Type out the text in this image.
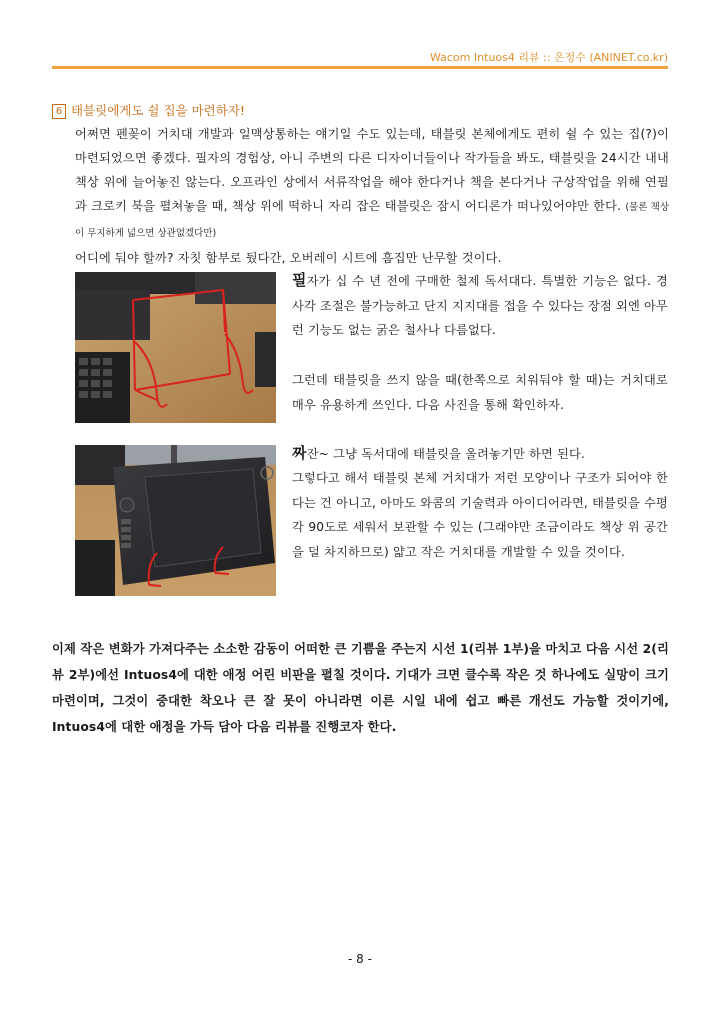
Wacom Intuos4 리뷰 :: 은정수 (ANINET.co.kr)
6 태블릿에게도 쉴 집을 마련하자!
어쩌면 펜꽂이 거치대 개발과 일맥상통하는 얘기일 수도 있는데, 태블릿 본체에게도 편히 쉴 수 있는 집(?)이 마련되었으면 좋겠다. 필자의 경험상, 아니 주변의 다른 디자이너들이나 작가들을 봐도, 태블릿을 24시간 내내 책상 위에 늘어놓진 않는다. 오프라인 상에서 서류작업을 해야 한다거나 책을 본다거나 구상작업을 위해 연필과 크로키 북을 펼쳐놓을 때, 책상 위에 떡하니 자리 잡은 태블릿은 잠시 어디론가 떠나있어야만 한다. (물론 책상이 무지하게 넓으면 상관없겠다만)
어디에 둬야 할까? 자칫 함부로 뒀다간, 오버레이 시트에 흠집만 난무할 것이다.
필자가 십 수 년 전에 구매한 철제 독서대다. 특별한 기능은 없다. 경사각 조절은 불가능하고 단지 지지대를 접을 수 있다는 장점 외엔 아무런 기능도 없는 굵은 철사나 다름없다.
그런데 태블릿을 쓰지 않을 때(한쪽으로 치워둬야 할 때)는 거치대로 매우 유용하게 쓰인다. 다음 사진을 통해 확인하자.
짜잔~ 그냥 독서대에 태블릿을 올려놓기만 하면 된다.
그렇다고 해서 태블릿 본체 거치대가 저런 모양이나 구조가 되어야 한다는 건 아니고, 아마도 와콤의 기술력과 아이디어라면, 태블릿을 수평각 90도로 세워서 보관할 수 있는 (그래야만 조금이라도 책상 위 공간을 덜 차지하므로) 얇고 작은 거치대를 개발할 수 있을 것이다.
이제 작은 변화가 가져다주는 소소한 감동이 어떠한 큰 기쁨을 주는지 시선 1(리뷰 1부)을 마치고 다음 시선 2(리뷰 2부)에선 Intuos4에 대한 애정 어린 비판을 펼칠 것이다. 기대가 크면 클수록 작은 것 하나에도 실망이 크기 마련이며, 그것이 중대한 착오나 큰 잘 못이 아니라면 이른 시일 내에 쉽고 빠른 개선도 가능할 것이기에, Intuos4에 대한 애정을 가득 담아 다음 리뷰를 진행코자 한다.
- 8 -
